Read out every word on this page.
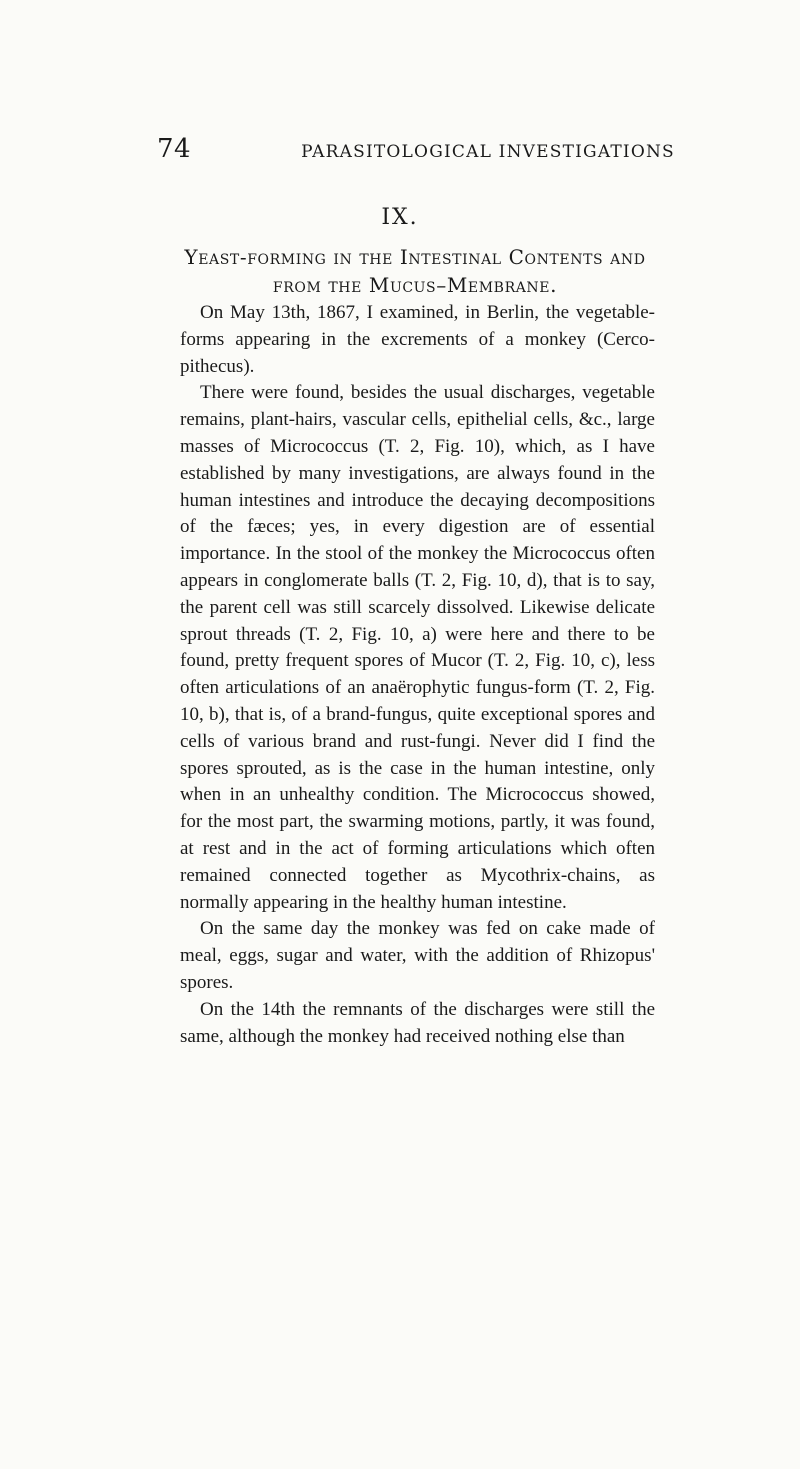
74	PARASITOLOGICAL INVESTIGATIONS
IX.
Yeast-forming in the Intestinal Contents and from the Mucus–Membrane.

On May 13th, 1867, I examined, in Berlin, the vegetable-forms appearing in the excrements of a monkey (Cercopithecus).

There were found, besides the usual discharges, vegetable remains, plant-hairs, vascular cells, epithelial cells, &c., large masses of Micrococcus (T. 2, Fig. 10), which, as I have established by many investigations, are always found in the human intestines and introduce the decaying decompositions of the fæces; yes, in every digestion are of essential importance. In the stool of the monkey the Micrococcus often appears in conglomerate balls (T. 2, Fig. 10, d), that is to say, the parent cell was still scarcely dissolved. Likewise delicate sprout threads (T. 2, Fig. 10, a) were here and there to be found, pretty frequent spores of Mucor (T. 2, Fig. 10, c), less often articulations of an anaërophytic fungus-form (T. 2, Fig. 10, b), that is, of a brand-fungus, quite exceptional spores and cells of various brand and rust-fungi. Never did I find the spores sprouted, as is the case in the human intestine, only when in an unhealthy condition. The Micrococcus showed, for the most part, the swarming motions, partly, it was found, at rest and in the act of forming articulations which often remained connected together as Mycothrix-chains, as normally appearing in the healthy human intestine.

On the same day the monkey was fed on cake made of meal, eggs, sugar and water, with the addition of Rhizopus' spores.

On the 14th the remnants of the discharges were still the same, although the monkey had received nothing else than
